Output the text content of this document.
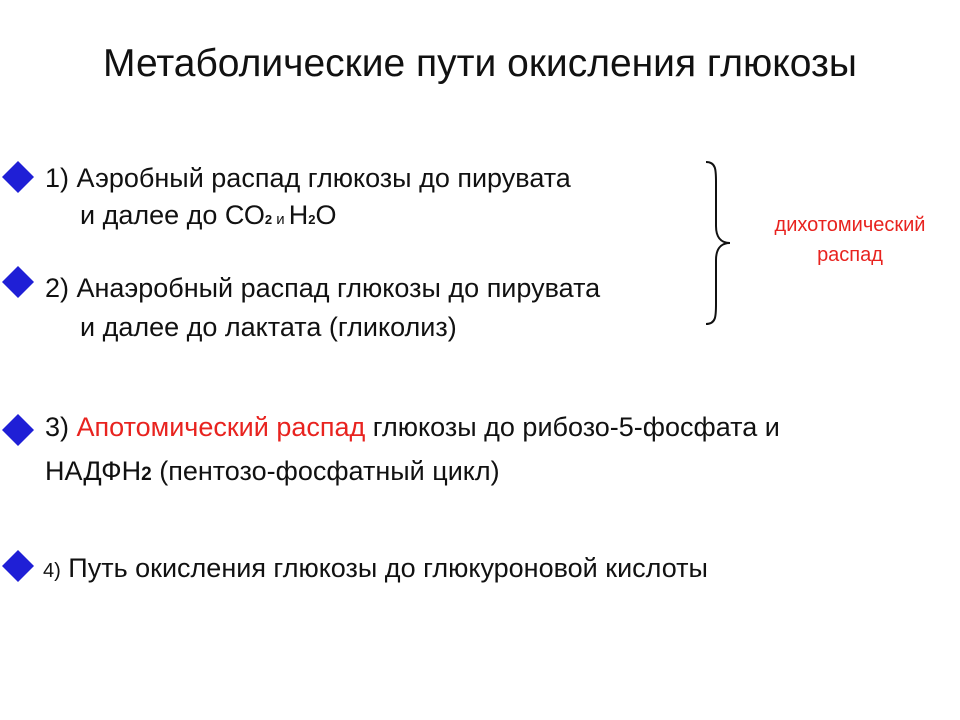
Метаболические пути окисления глюкозы
1) Аэробный распад глюкозы до пирувата
и далее до СО2 и Н2О
2) Анаэробный распад глюкозы до пирувата
и далее до лактата (гликолиз)
дихотомический
распад
3) Апотомический распад глюкозы до рибозо-5-фосфата и
НАДФН2 (пентозо-фосфатный цикл)
4) Путь окисления глюкозы до глюкуроновой кислоты
